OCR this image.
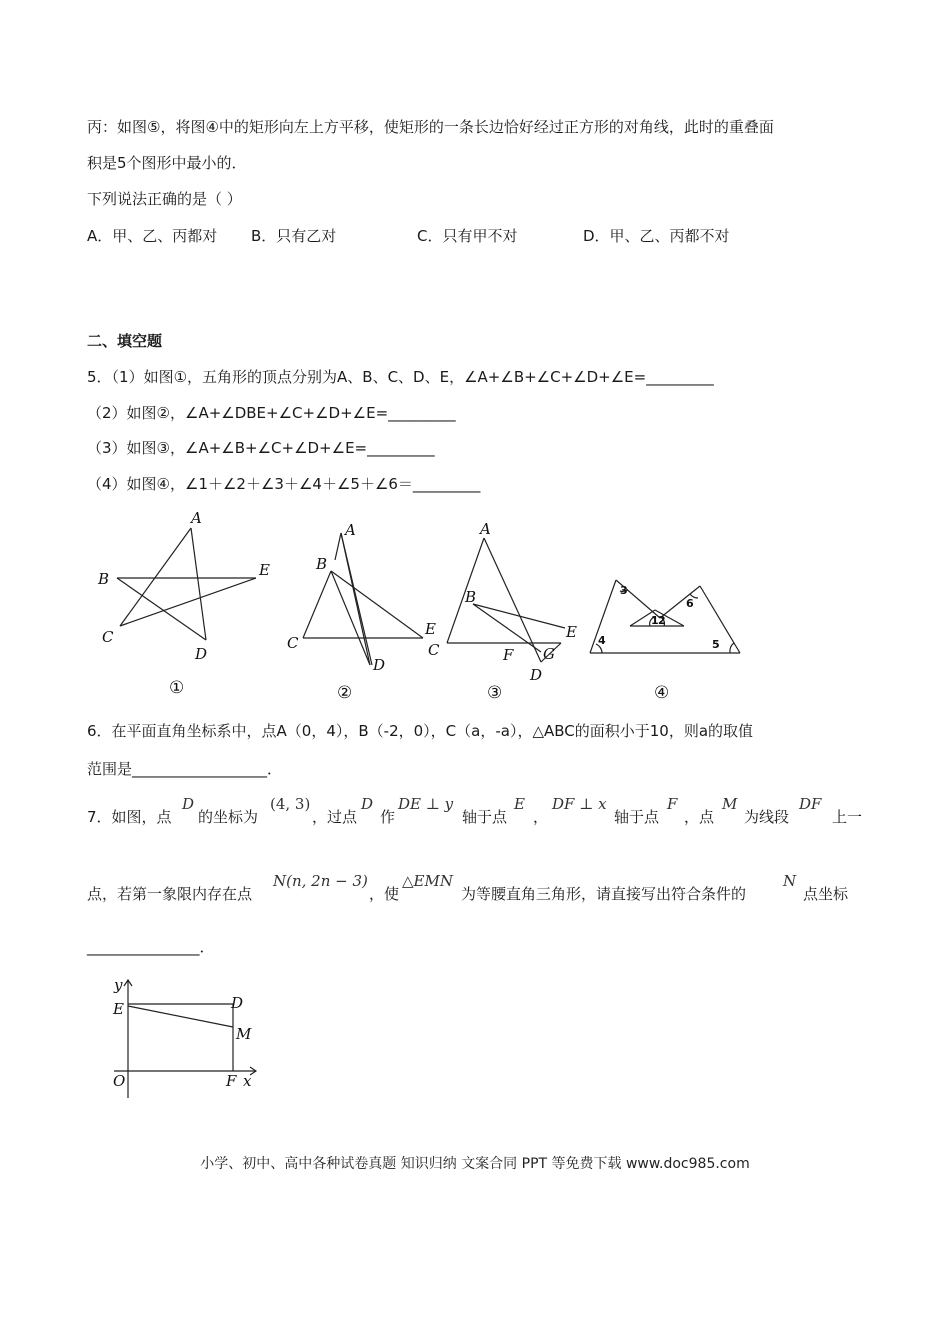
丙：如图⑤，将图④中的矩形向左上方平移，使矩形的一条长边恰好经过正方形的对角线，此时的重叠面
积是5个图形中最小的．
下列说法正确的是（ ）
A．甲、乙、丙都对 B．只有乙对	C．只有甲不对	D．甲、乙、丙都不对
二、填空题
5．（1）如图①，五角形的顶点分别为A、B、C、D、E，∠A+∠B+∠C+∠D+∠E=_________
（2）如图②，∠A+∠DBE+∠C+∠D+∠E=_________
（3）如图③，∠A+∠B+∠C+∠D+∠E=_________
（4）如图④，∠1＋∠2＋∠3＋∠4＋∠5＋∠6＝_________
A
B
C
D
E
A
B
C
D
E
A
B
C
D
E
F G
1 2
3
4	5
6
①	②	③	④
6．在平面直角坐标系中，点A（0，4），B（-2，0），C（a，-a），△ABC的面积小于10，则a的取值
范围是__________________．
7．如图，点
D
的坐标为
(4, 3)
，过点
D
作
DE ⊥ y
轴于点
E
，
DF ⊥ x
轴于点
F
，点
M
为线段
DF
上一
点，若第一象限内存在点
N(n, 2n − 3)
，使
△EMN
为等腰直角三角形，请直接写出符合条件的
N
点坐标
_______________．
y
x
O
E	D
M
F
小学、初中、高中各种试卷真题 知识归纳 文案合同 PPT 等免费下载 www.doc985.com
